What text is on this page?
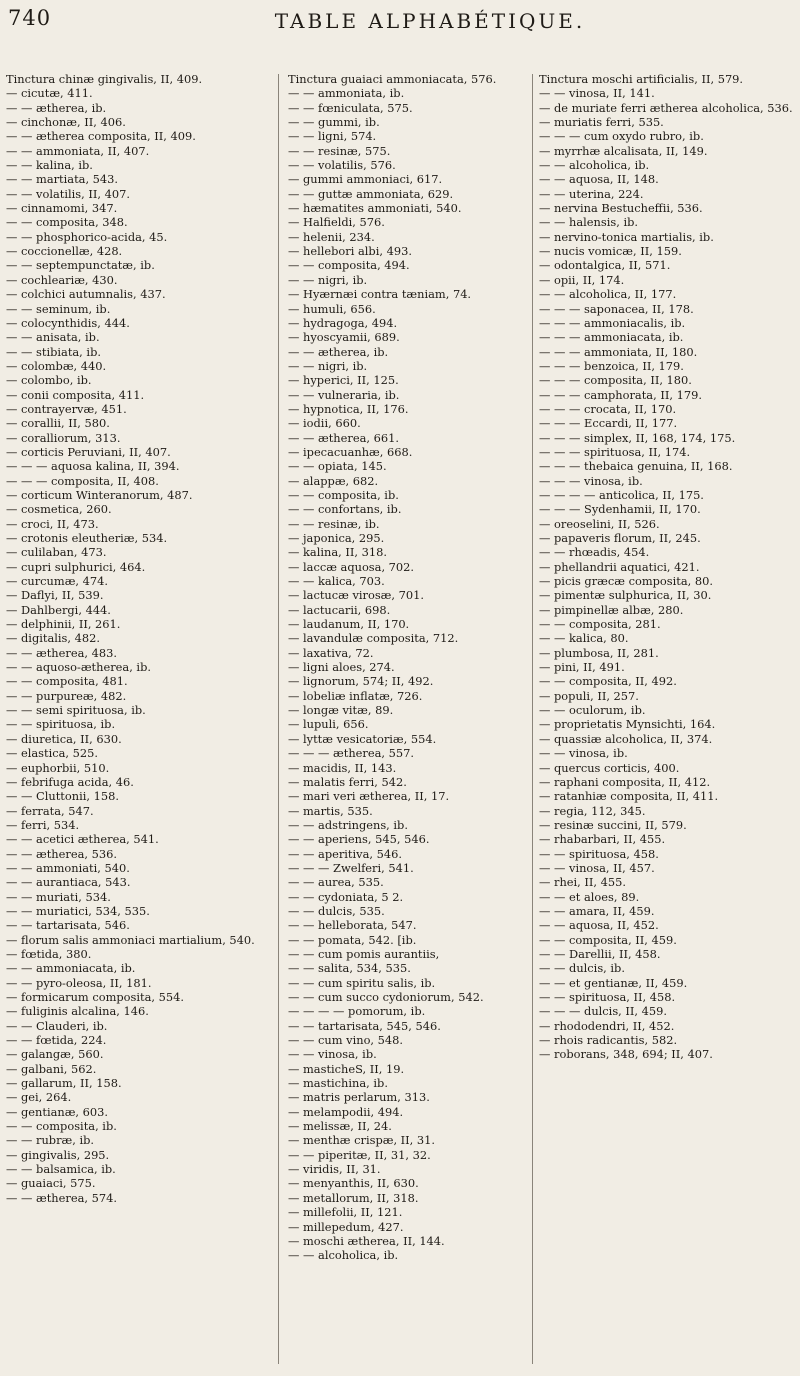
740	TABLE ALPHABÉTIQUE.
Tinctura chinæ gingivalis, II, 409.
— cicutæ, 411.
— — ætherea, ib.
— cinchonæ, II, 406.
— — ætherea composita, II, 409.
— — ammoniata, II, 407.
— — kalina, ib.
— — martiata, 543.
— — volatilis, II, 407.
— cinnamomi, 347.
— — composita, 348.
— — phosphorico-acida, 45.
— coccionellæ, 428.
— — septempunctatæ, ib.
— cochleariæ, 430.
— colchici autumnalis, 437.
— — seminum, ib.
— colocynthidis, 444.
— — anisata, ib.
— — stibiata, ib.
— colombæ, 440.
— colombo, ib.
— conii composita, 411.
— contrayervæ, 451.
— corallii, II, 580.
— coralliorum, 313.
— corticis Peruviani, II, 407.
— — — aquosa kalina, II, 394.
— — — composita, II, 408.
— corticum Winteranorum, 487.
— cosmetica, 260.
— croci, II, 473.
— crotonis eleutheriæ, 534.
— culilaban, 473.
— cupri sulphurici, 464.
— curcumæ, 474.
— Daflyi, II, 539.
— Dahlbergi, 444.
— delphinii, II, 261.
— digitalis, 482.
— — ætherea, 483.
— — aquoso-ætherea, ib.
— — composita, 481.
— — purpureæ, 482.
— — semi spirituosa, ib.
— — spirituosa, ib.
— diuretica, II, 630.
— elastica, 525.
— euphorbii, 510.
— febrifuga acida, 46.
— — Cluttonii, 158.
— ferrata, 547.
— ferri, 534.
— — acetici ætherea, 541.
— — ætherea, 536.
— — ammoniati, 540.
— — aurantiaca, 543.
— — muriati, 534.
— — muriatici, 534, 535.
— — tartarisata, 546.
— florum salis ammoniaci martialium, 540.
— fœtida, 380.
— — ammoniacata, ib.
— — pyro-oleosa, II, 181.
— formicarum composita, 554.
— fuliginis alcalina, 146.
— — Clauderi, ib.
— — fœtida, 224.
— galangæ, 560.
— galbani, 562.
— gallarum, II, 158.
— gei, 264.
— gentianæ, 603.
— — composita, ib.
— — rubræ, ib.
— gingivalis, 295.
— — balsamica, ib.
— guaiaci, 575.
— — ætherea, 574.
Tinctura guaiaci ammoniacata, 576.
— — ammoniata, ib.
— — fœniculata, 575.
— — gummi, ib.
— — ligni, 574.
— — resinæ, 575.
— — volatilis, 576.
— gummi ammoniaci, 617.
— — guttæ ammoniata, 629.
— hæmatites ammoniati, 540.
— Halfieldi, 576.
— helenii, 234.
— hellebori albi, 493.
— — composita, 494.
— — nigri, ib.
— Hyærnæi contra tæniam, 74.
— humuli, 656.
— hydragoga, 494.
— hyoscyamii, 689.
— — ætherea, ib.
— — nigri, ib.
— hyperici, II, 125.
— — vulneraria, ib.
— hypnotica, II, 176.
— iodii, 660.
— — ætherea, 661.
— ipecacuanhæ, 668.
— — opiata, 145.
— alappæ, 682.
— — composita, ib.
— — confortans, ib.
— — resinæ, ib.
— japonica, 295.
— kalina, II, 318.
— laccæ aquosa, 702.
— — kalica, 703.
— lactucæ virosæ, 701.
— lactucarii, 698.
— laudanum, II, 170.
— lavandulæ composita, 712.
— laxativa, 72.
— ligni aloes, 274.
— lignorum, 574; II, 492.
— lobeliæ inflatæ, 726.
— longæ vitæ, 89.
— lupuli, 656.
— lyttæ vesicatoriæ, 554.
— — — ætherea, 557.
— macidis, II, 143.
— malatis ferri, 542.
— mari veri ætherea, II, 17.
— martis, 535.
— — adstringens, ib.
— — aperiens, 545, 546.
— — aperitiva, 546.
— — — Zwelferi, 541.
— — aurea, 535.
— — cydoniata, 5 2.
— — dulcis, 535.
— — helleborata, 547.
— — pomata, 542. [ib.
— — cum pomis aurantiis,
— — salita, 534, 535.
— — cum spiritu salis, ib.
— — cum succo cydoniorum, 542.
— — — — pomorum, ib.
— — tartarisata, 545, 546.
— — cum vino, 548.
— — vinosa, ib.
— masticheS, II, 19.
— mastichina, ib.
— matris perlarum, 313.
— melampodii, 494.
— melissæ, II, 24.
— menthæ crispæ, II, 31.
— — piperitæ, II, 31, 32.
— viridis, II, 31.
— menyanthis, II, 630.
— metallorum, II, 318.
— millefolii, II, 121.
— millepedum, 427.
— moschi ætherea, II, 144.
— — alcoholica, ib.
Tinctura moschi artificialis, II, 579.
— — vinosa, II, 141.
— de muriate ferri ætherea alcoholica, 536.
— muriatis ferri, 535.
— — — cum oxydo rubro, ib.
— myrrhæ alcalisata, II, 149.
— — alcoholica, ib.
— — aquosa, II, 148.
— — uterina, 224.
— nervina Bestucheffii, 536.
— — halensis, ib.
— nervino-tonica martialis, ib.
— nucis vomicæ, II, 159.
— odontalgica, II, 571.
— opii, II, 174.
— — alcoholica, II, 177.
— — — saponacea, II, 178.
— — — ammoniacalis, ib.
— — — ammoniacata, ib.
— — — ammoniata, II, 180.
— — — benzoica, II, 179.
— — — composita, II, 180.
— — — camphorata, II, 179.
— — — crocata, II, 170.
— — — Eccardi, II, 177.
— — — simplex, II, 168, 174, 175.
— — — spirituosa, II, 174.
— — — thebaica genuina, II, 168.
— — — vinosa, ib.
— — — — anticolica, II, 175.
— — — Sydenhamii, II, 170.
— oreoselini, II, 526.
— papaveris florum, II, 245.
— — rhœadis, 454.
— phellandrii aquatici, 421.
— picis græcæ composita, 80.
— pimentæ sulphurica, II, 30.
— pimpinellæ albæ, 280.
— — composita, 281.
— — kalica, 80.
— plumbosa, II, 281.
— pini, II, 491.
— — composita, II, 492.
— populi, II, 257.
— — oculorum, ib.
— proprietatis Mynsichti, 164.
— quassiæ alcoholica, II, 374.
— — vinosa, ib.
— quercus corticis, 400.
— raphani composita, II, 412.
— ratanhiæ composita, II, 411.
— regia, 112, 345.
— resinæ succini, II, 579.
— rhabarbari, II, 455.
— — spirituosa, 458.
— — vinosa, II, 457.
— rhei, II, 455.
— — et aloes, 89.
— — amara, II, 459.
— — aquosa, II, 452.
— — composita, II, 459.
— — Darellii, II, 458.
— — dulcis, ib.
— — et gentianæ, II, 459.
— — spirituosa, II, 458.
— — — dulcis, II, 459.
— rhododendri, II, 452.
— rhois radicantis, 582.
— roborans, 348, 694; II, 407.
